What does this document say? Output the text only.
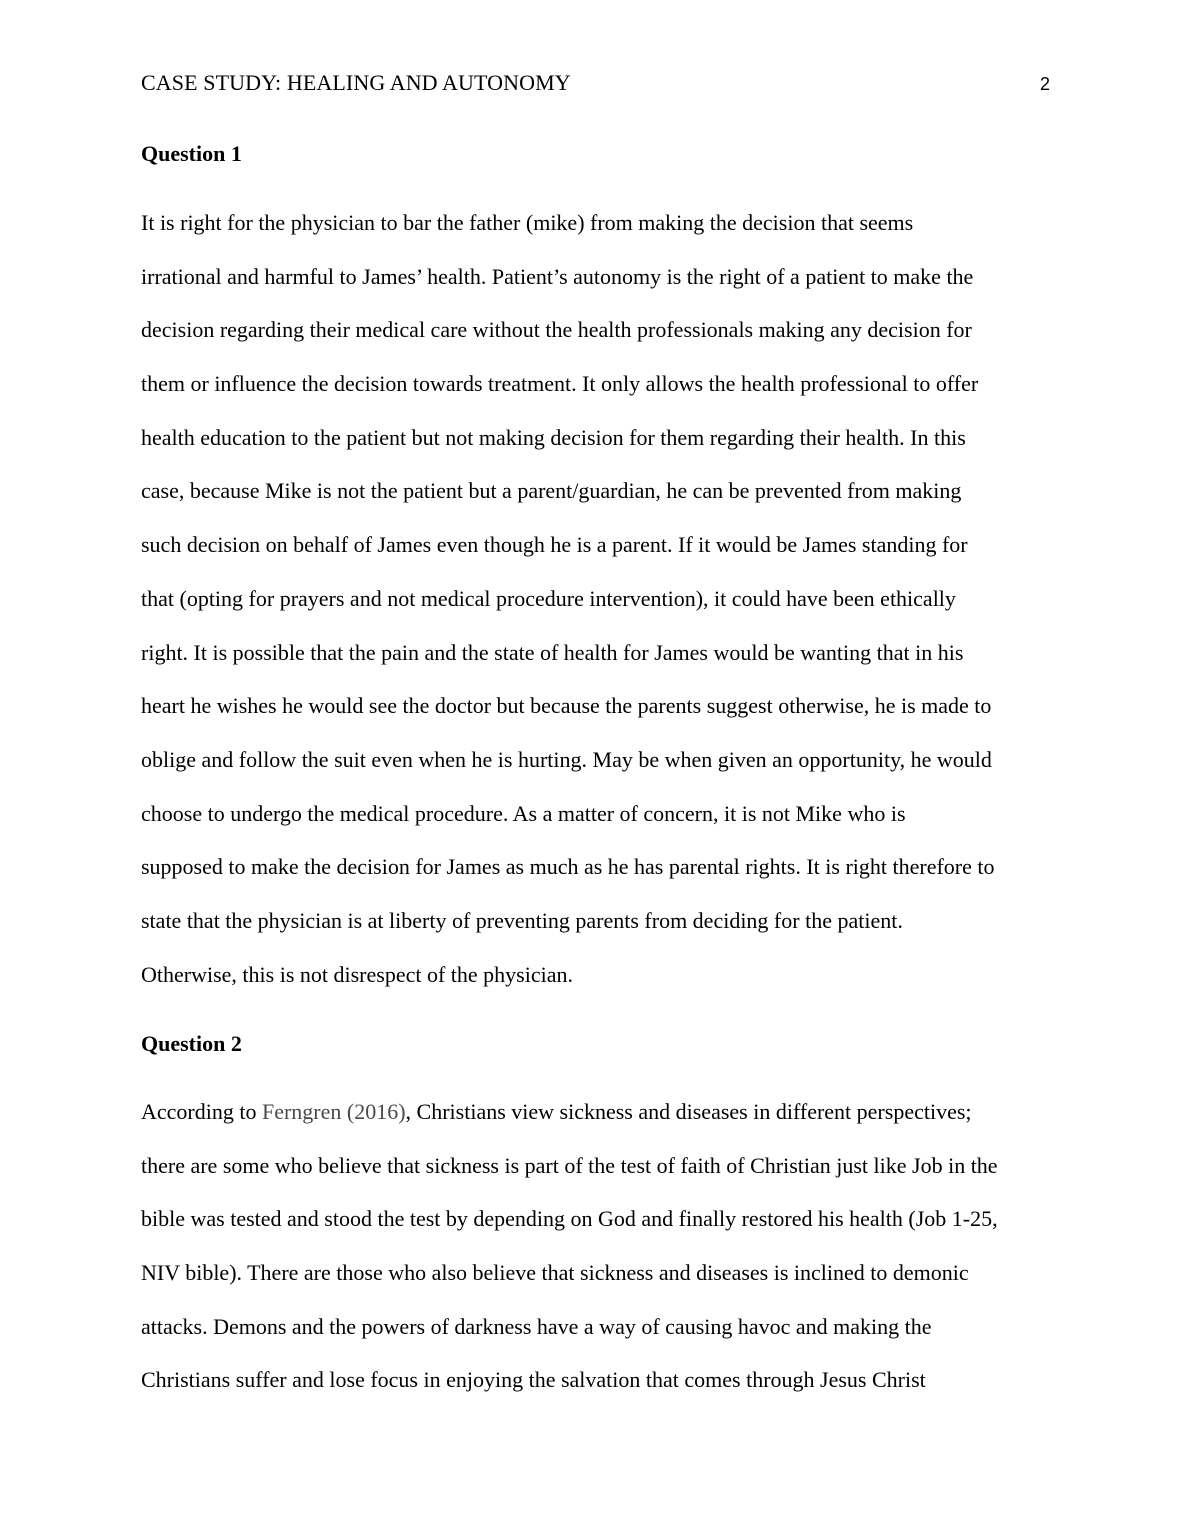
CASE STUDY: HEALING AND AUTONOMY	2
Question 1
It is right for the physician to bar the father (mike) from making the decision that seems
irrational and harmful to James’ health. Patient’s autonomy is the right of a patient to make the
decision regarding their medical care without the health professionals making any decision for
them or influence the decision towards treatment. It only allows the health professional to offer
health education to the patient but not making decision for them regarding their health. In this
case, because Mike is not the patient but a parent/guardian, he can be prevented from making
such decision on behalf of James even though he is a parent. If it would be James standing for
that (opting for prayers and not medical procedure intervention), it could have been ethically
right. It is possible that the pain and the state of health for James would be wanting that in his
heart he wishes he would see the doctor but because the parents suggest otherwise, he is made to
oblige and follow the suit even when he is hurting. May be when given an opportunity, he would
choose to undergo the medical procedure. As a matter of concern, it is not Mike who is
supposed to make the decision for James as much as he has parental rights. It is right therefore to
state that the physician is at liberty of preventing parents from deciding for the patient.
Otherwise, this is not disrespect of the physician.
Question 2
According to Ferngren (2016), Christians view sickness and diseases in different perspectives;
there are some who believe that sickness is part of the test of faith of Christian just like Job in the
bible was tested and stood the test by depending on God and finally restored his health (Job 1-25,
NIV bible). There are those who also believe that sickness and diseases is inclined to demonic
attacks. Demons and the powers of darkness have a way of causing havoc and making the
Christians suffer and lose focus in enjoying the salvation that comes through Jesus Christ
